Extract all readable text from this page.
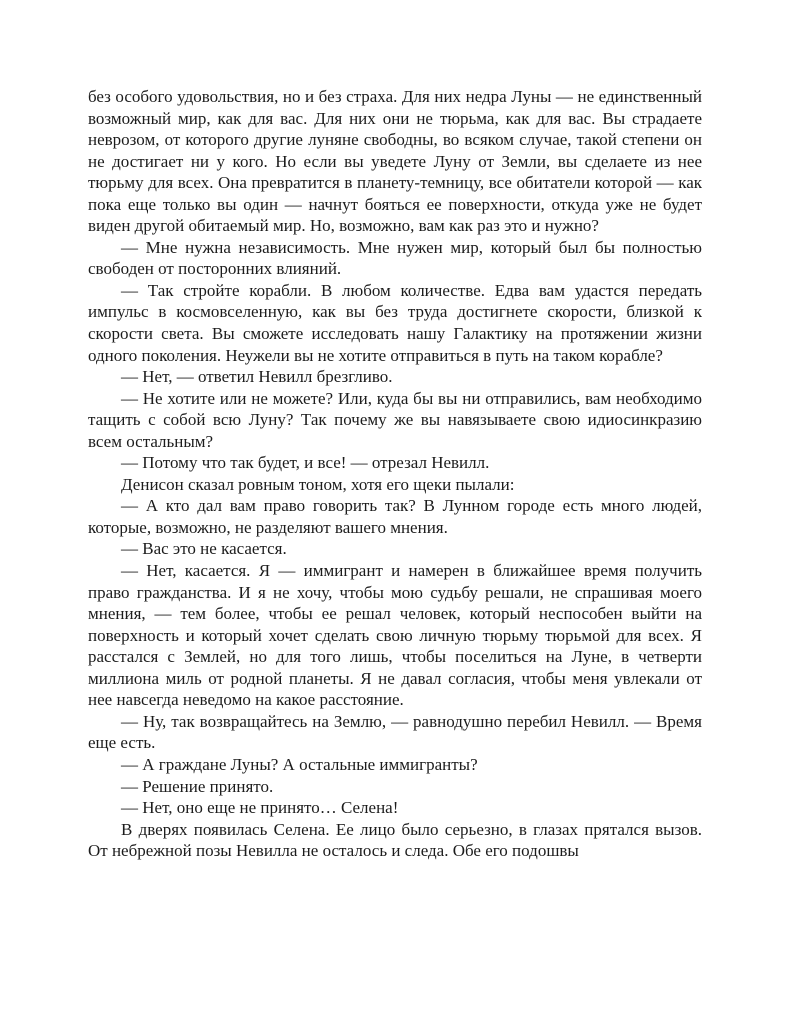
без особого удовольствия, но и без страха. Для них недра Луны — не единственный возможный мир, как для вас. Для них они не тюрьма, как для вас. Вы страдаете неврозом, от которого другие луняне свободны, во всяком случае, такой степени он не достигает ни у кого. Но если вы уведете Луну от Земли, вы сделаете из нее тюрьму для всех. Она превратится в планету-темницу, все обитатели которой — как пока еще только вы один — начнут бояться ее поверхности, откуда уже не будет виден другой обитаемый мир. Но, возможно, вам как раз это и нужно?

— Мне нужна независимость. Мне нужен мир, который был бы полностью свободен от посторонних влияний.

— Так стройте корабли. В любом количестве. Едва вам удастся передать импульс в космовселенную, как вы без труда достигнете скорости, близкой к скорости света. Вы сможете исследовать нашу Галактику на протяжении жизни одного поколения. Неужели вы не хотите отправиться в путь на таком корабле?

— Нет, — ответил Невилл брезгливо.

— Не хотите или не можете? Или, куда бы вы ни отправились, вам необходимо тащить с собой всю Луну? Так почему же вы навязываете свою идиосинкразию всем остальным?

— Потому что так будет, и все! — отрезал Невилл.

Денисон сказал ровным тоном, хотя его щеки пылали:

— А кто дал вам право говорить так? В Лунном городе есть много людей, которые, возможно, не разделяют вашего мнения.

— Вас это не касается.

— Нет, касается. Я — иммигрант и намерен в ближайшее время получить право гражданства. И я не хочу, чтобы мою судьбу решали, не спрашивая моего мнения, — тем более, чтобы ее решал человек, который неспособен выйти на поверхность и который хочет сделать свою личную тюрьму тюрьмой для всех. Я расстался с Землей, но для того лишь, чтобы поселиться на Луне, в четверти миллиона миль от родной планеты. Я не давал согласия, чтобы меня увлекали от нее навсегда неведомо на какое расстояние.

— Ну, так возвращайтесь на Землю, — равнодушно перебил Невилл. — Время еще есть.

— А граждане Луны? А остальные иммигранты?

— Решение принято.

— Нет, оно еще не принято… Селена!

В дверях появилась Селена. Ее лицо было серьезно, в глазах прятался вызов. От небрежной позы Невилла не осталось и следа. Обе его подошвы
